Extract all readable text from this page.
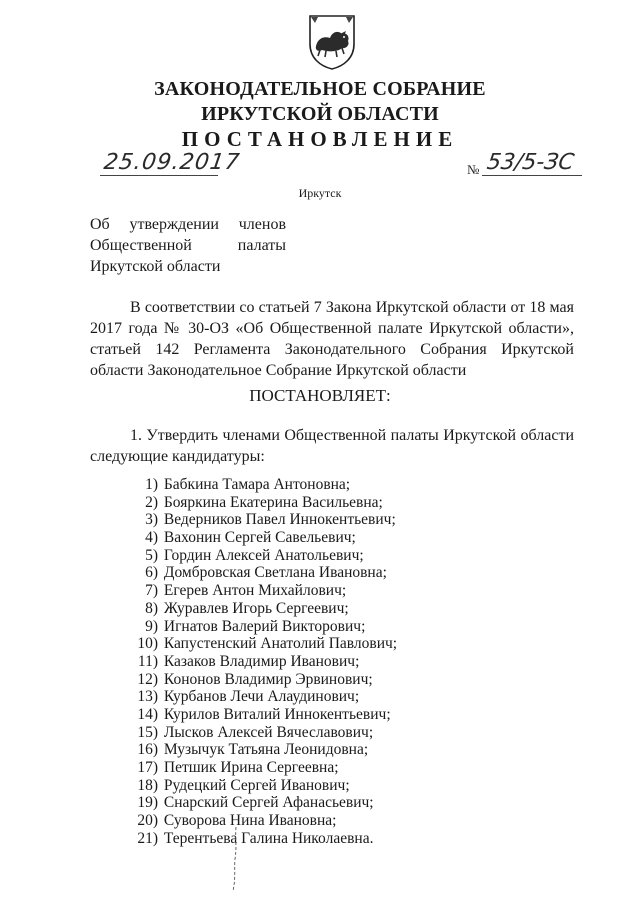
ЗАКОНОДАТЕЛЬНОЕ СОБРАНИЕ
ИРКУТСКОЙ ОБЛАСТИ
ПОСТАНОВЛЕНИЕ
25.09.2017	№ 53/5-ЗС
Иркутск
Об утверждении членов Общественной палаты Иркутской области
В соответствии со статьей 7 Закона Иркутской области от 18 мая 2017 года № 30-ОЗ «Об Общественной палате Иркутской области», статьей 142 Регламента Законодательного Собрания Иркутской области Законодательное Собрание Иркутской области
ПОСТАНОВЛЯЕТ:
1. Утвердить членами Общественной палаты Иркутской области следующие кандидатуры:
1) Бабкина Тамара Антоновна;
2) Бояркина Екатерина Васильевна;
3) Ведерников Павел Иннокентьевич;
4) Вахонин Сергей Савельевич;
5) Гордин Алексей Анатольевич;
6) Домбровская Светлана Ивановна;
7) Егерев Антон Михайлович;
8) Журавлев Игорь Сергеевич;
9) Игнатов Валерий Викторович;
10) Капустенский Анатолий Павлович;
11) Казаков Владимир Иванович;
12) Кононов Владимир Эрвинович;
13) Курбанов Лечи Алаудинович;
14) Курилов Виталий Иннокентьевич;
15) Лысков Алексей Вячеславович;
16) Музычук Татьяна Леонидовна;
17) Петшик Ирина Сергеевна;
18) Рудецкий Сергей Иванович;
19) Снарский Сергей Афанасьевич;
20) Суворова Нина Ивановна;
21) Терентьева Галина Николаевна.
